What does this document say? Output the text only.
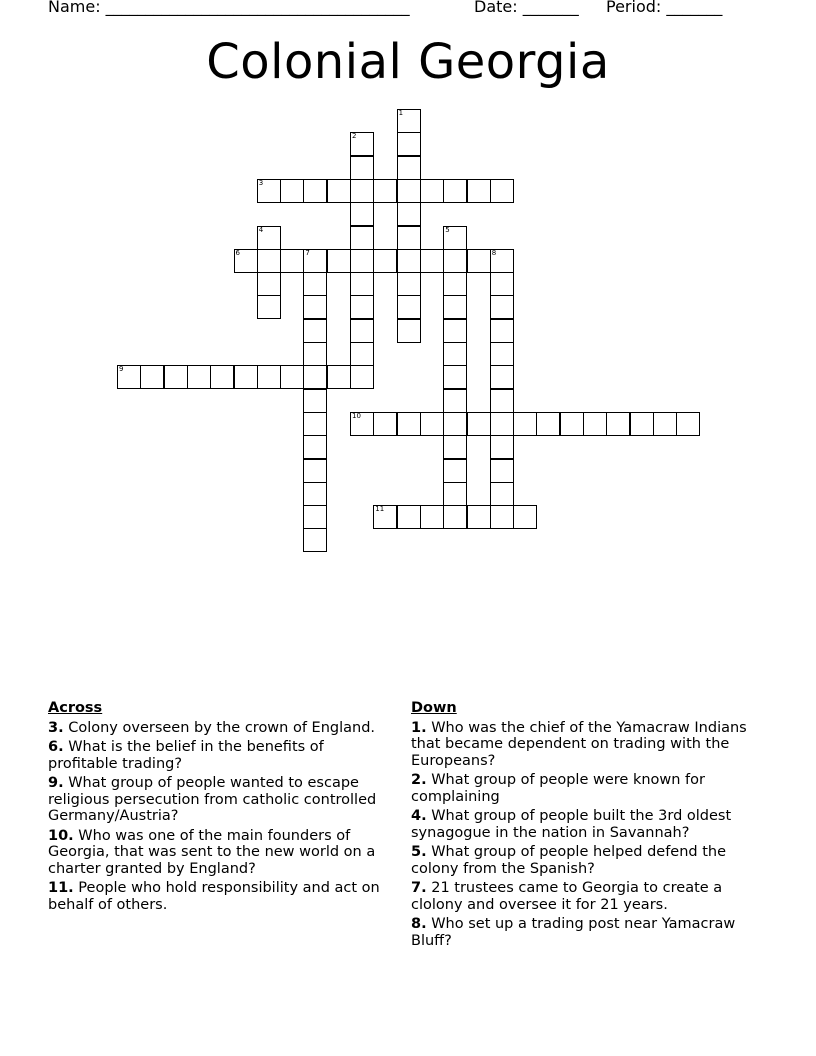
Name: ______________________________________	Date: _______ Period: _______
Colonial Georgia
1
2
3
4	5
6	7	8
9
10
11
Across
3. Colony overseen by the crown of England.
6. What is the belief in the benefits of profitable trading?
9. What group of people wanted to escape religious persecution from catholic controlled Germany/Austria?
10. Who was one of the main founders of Georgia, that was sent to the new world on a charter granted by England?
11. People who hold responsibility and act on behalf of others.
Down
1. Who was the chief of the Yamacraw Indians that became dependent on trading with the Europeans?
2. What group of people were known for complaining
4. What group of people built the 3rd oldest synagogue in the nation in Savannah?
5. What group of people helped defend the colony from the Spanish?
7. 21 trustees came to Georgia to create a clolony and oversee it for 21 years.
8. Who set up a trading post near Yamacraw Bluff?
